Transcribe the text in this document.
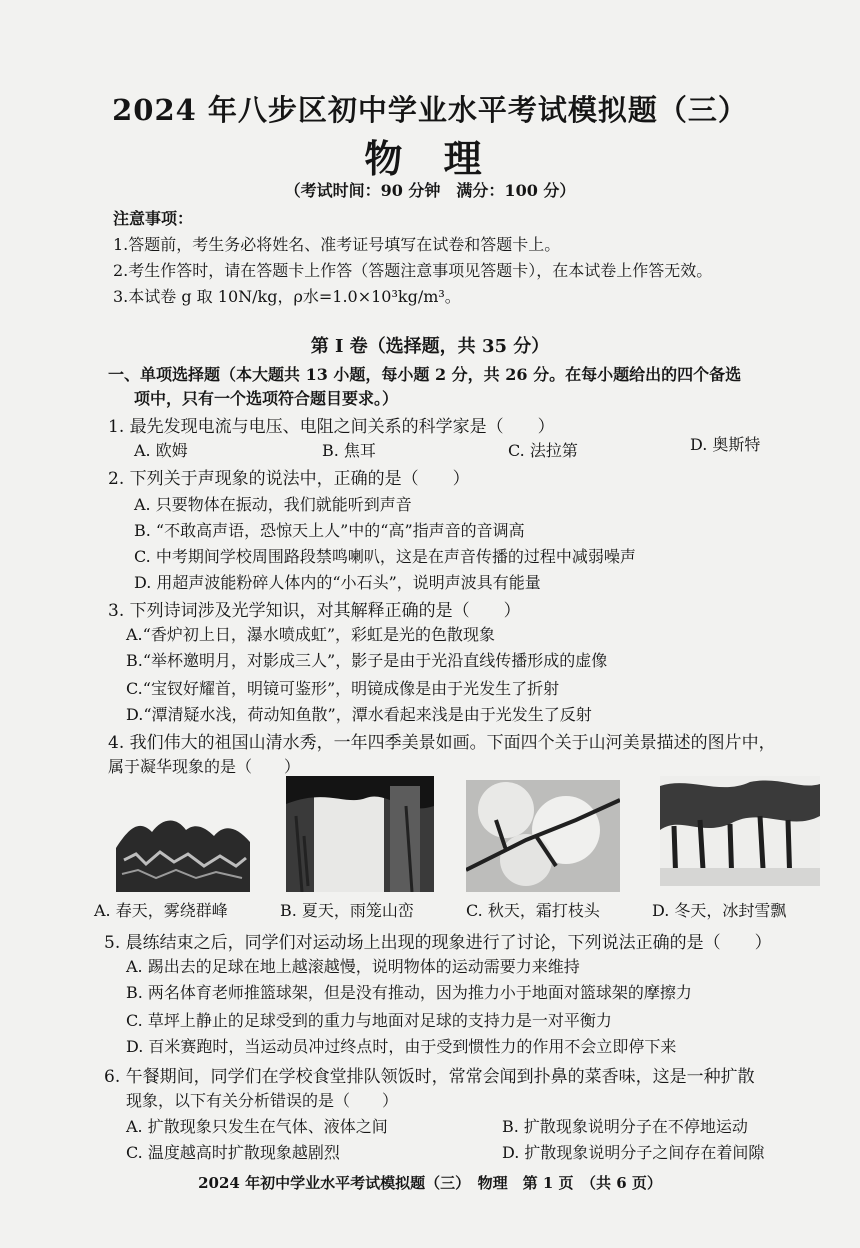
2024 年八步区初中学业水平考试模拟题（三）
物 理
（考试时间：90 分钟　满分：100 分）
注意事项：
1.答题前，考生务必将姓名、准考证号填写在试卷和答题卡上。
2.考生作答时，请在答题卡上作答（答题注意事项见答题卡），在本试卷上作答无效。
3.本试卷 g 取 10N/kg，ρ水=1.0×10³kg/m³。
第 I 卷（选择题，共 35 分）
一、单项选择题（本大题共 13 小题，每小题 2 分，共 26 分。在每小题给出的四个备选
项中，只有一个选项符合题目要求。）
1. 最先发现电流与电压、电阻之间关系的科学家是（　　）
A. 欧姆	B. 焦耳	C. 法拉第	D. 奥斯特
2. 下列关于声现象的说法中，正确的是（　　）
A. 只要物体在振动，我们就能听到声音
B. “不敢高声语，恐惊天上人”中的“高”指声音的音调高
C. 中考期间学校周围路段禁鸣喇叭，这是在声音传播的过程中减弱噪声
D. 用超声波能粉碎人体内的“小石头”，说明声波具有能量
3. 下列诗词涉及光学知识，对其解释正确的是（　　）
A.“香炉初上日，瀑水喷成虹”，彩虹是光的色散现象
B.“举杯邀明月，对影成三人”，影子是由于光沿直线传播形成的虚像
C.“宝钗好耀首，明镜可鉴形”，明镜成像是由于光发生了折射
D.“潭清疑水浅，荷动知鱼散”，潭水看起来浅是由于光发生了反射
4. 我们伟大的祖国山清水秀，一年四季美景如画。下面四个关于山河美景描述的图片中，
属于凝华现象的是（　　）
A. 春天，雾绕群峰	B. 夏天，雨笼山峦	C. 秋天，霜打枝头	D. 冬天，冰封雪飘
5. 晨练结束之后，同学们对运动场上出现的现象进行了讨论，下列说法正确的是（　　）
A. 踢出去的足球在地上越滚越慢，说明物体的运动需要力来维持
B. 两名体育老师推篮球架，但是没有推动，因为推力小于地面对篮球架的摩擦力
C. 草坪上静止的足球受到的重力与地面对足球的支持力是一对平衡力
D. 百米赛跑时，当运动员冲过终点时，由于受到惯性力的作用不会立即停下来
6. 午餐期间，同学们在学校食堂排队领饭时，常常会闻到扑鼻的菜香味，这是一种扩散
现象，以下有关分析错误的是（　　）
A. 扩散现象只发生在气体、液体之间	B. 扩散现象说明分子在不停地运动
C. 温度越高时扩散现象越剧烈	D. 扩散现象说明分子之间存在着间隙
2024 年初中学业水平考试模拟题（三）　物理　第 1 页　（共 6 页）
